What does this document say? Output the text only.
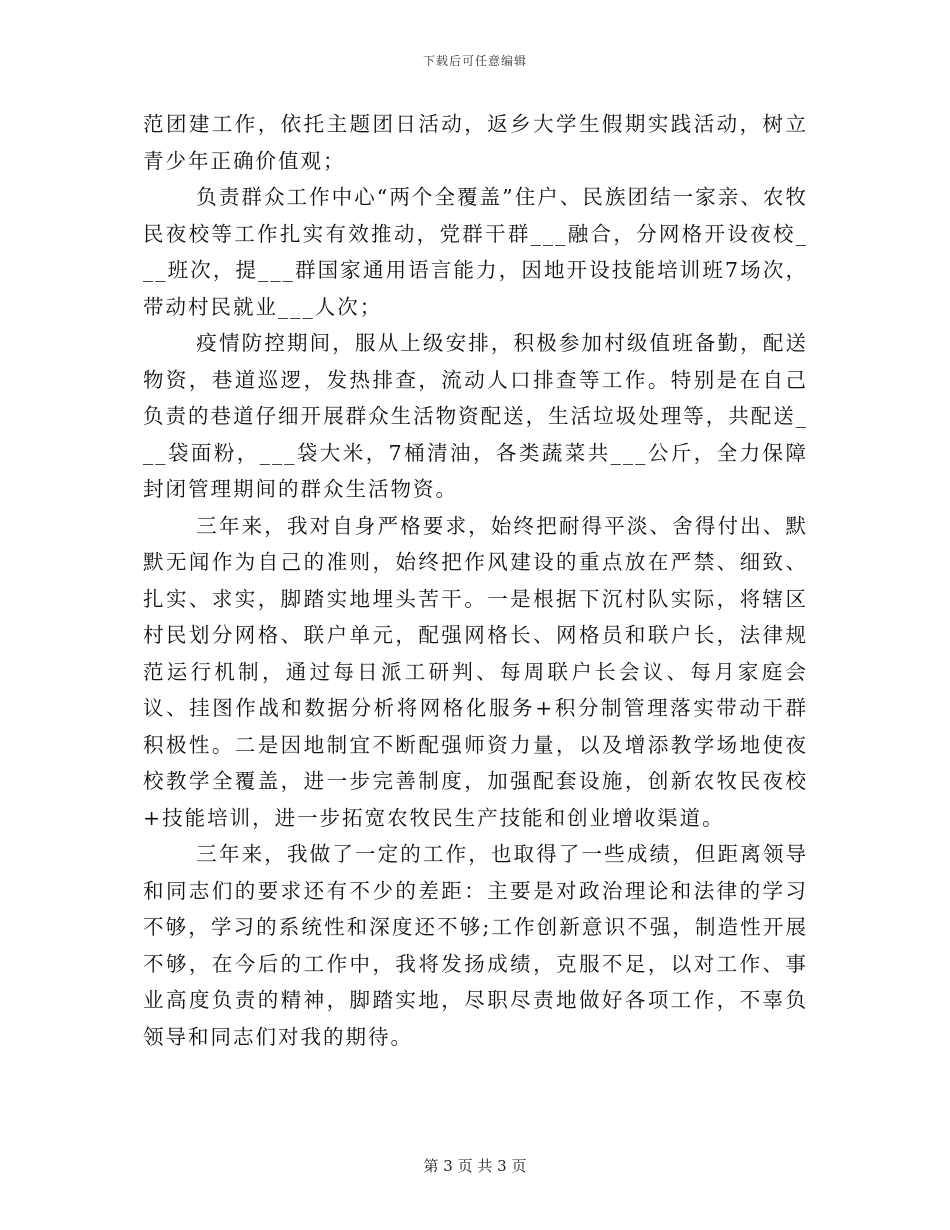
下载后可任意编辑

范团建工作，依托主题团日活动，返乡大学生假期实践活动，树立青少年正确价值观；

负责群众工作中心“两个全覆盖”住户、民族团结一家亲、农牧民夜校等工作扎实有效推动，党群干群___融合，分网格开设夜校___班次，提___群国家通用语言能力，因地开设技能培训班7场次，带动村民就业___人次；

疫情防控期间，服从上级安排，积极参加村级值班备勤，配送物资，巷道巡逻，发热排查，流动人口排查等工作。特别是在自己负责的巷道仔细开展群众生活物资配送，生活垃圾处理等，共配送___袋面粉，___袋大米，7桶清油，各类蔬菜共___公斤，全力保障封闭管理期间的群众生活物资。

三年来，我对自身严格要求，始终把耐得平淡、舍得付出、默默无闻作为自己的准则，始终把作风建设的重点放在严禁、细致、扎实、求实，脚踏实地埋头苦干。一是根据下沉村队实际，将辖区村民划分网格、联户单元，配强网格长、网格员和联户长，法律规范运行机制，通过每日派工研判、每周联户长会议、每月家庭会议、挂图作战和数据分析将网格化服务+积分制管理落实带动干群积极性。二是因地制宜不断配强师资力量，以及增添教学场地使夜校教学全覆盖，进一步完善制度，加强配套设施，创新农牧民夜校+技能培训，进一步拓宽农牧民生产技能和创业增收渠道。

三年来，我做了一定的工作，也取得了一些成绩，但距离领导和同志们的要求还有不少的差距：主要是对政治理论和法律的学习不够，学习的系统性和深度还不够;工作创新意识不强，制造性开展不够，在今后的工作中，我将发扬成绩，克服不足，以对工作、事业高度负责的精神，脚踏实地，尽职尽责地做好各项工作，不辜负领导和同志们对我的期待。

第 3 页 共 3 页
